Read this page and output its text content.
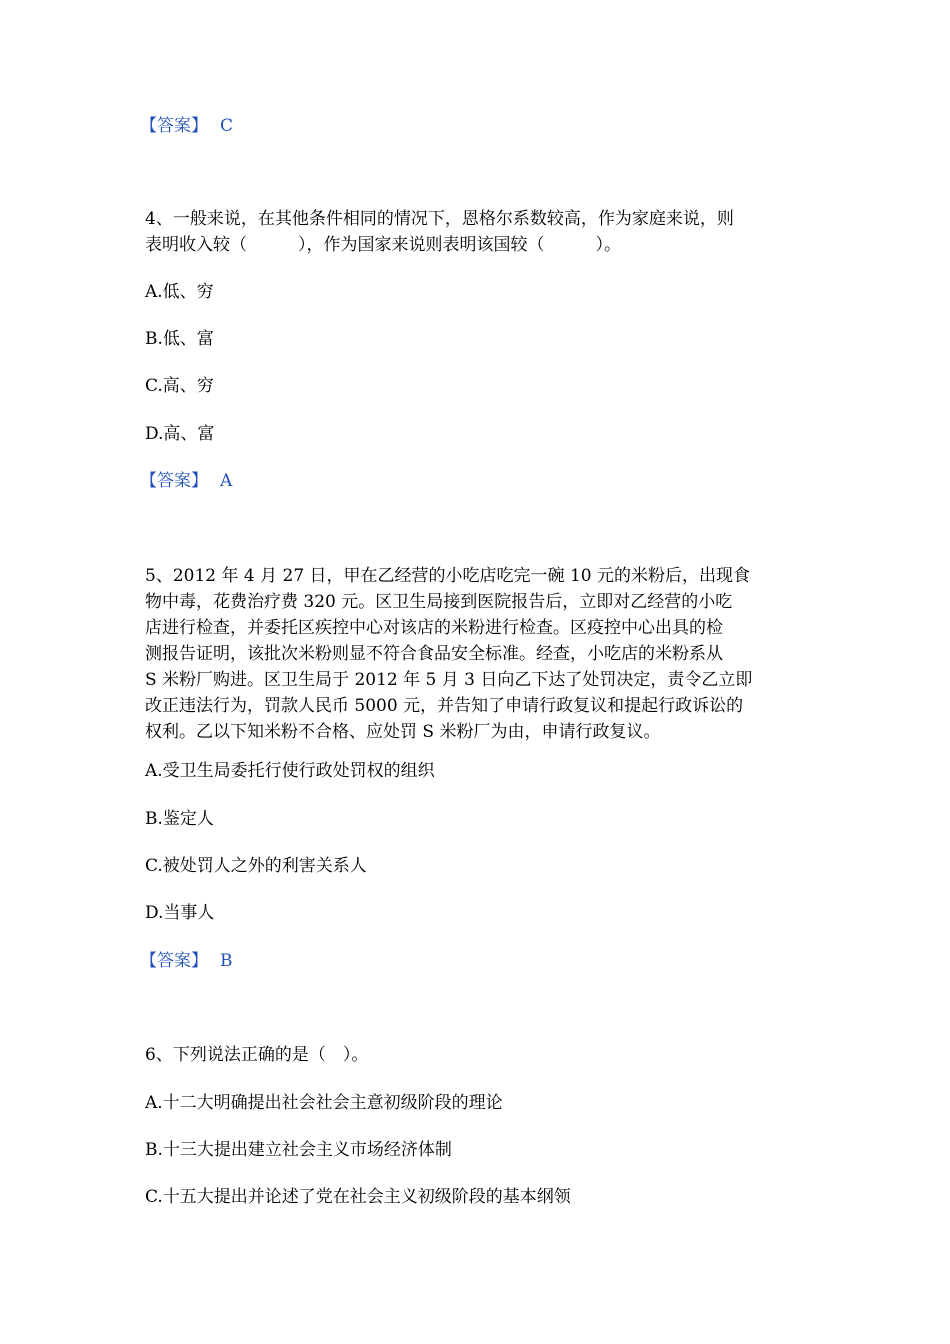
【答案】 C
4、一般来说，在其他条件相同的情况下，恩格尔系数较高，作为家庭来说，则
表明收入较（　　　），作为国家来说则表明该国较（　　　）。
A.低、穷
B.低、富
C.高、穷
D.高、富
【答案】 A
5、2012 年 4 月 27 日，甲在乙经营的小吃店吃完一碗 10 元的米粉后，出现食
物中毒，花费治疗费 320 元。区卫生局接到医院报告后，立即对乙经营的小吃
店进行检查，并委托区疾控中心对该店的米粉进行检查。区疫控中心出具的检
测报告证明，该批次米粉则显不符合食品安全标准。经查，小吃店的米粉系从
S 米粉厂购进。区卫生局于 2012 年 5 月 3 日向乙下达了处罚决定，责令乙立即
改正违法行为，罚款人民币 5000 元，并告知了申请行政复议和提起行政诉讼的
权利。乙以下知米粉不合格、应处罚 S 米粉厂为由，申请行政复议。
A.受卫生局委托行使行政处罚权的组织
B.鉴定人
C.被处罚人之外的利害关系人
D.当事人
【答案】 B
6、下列说法正确的是（　）。
A.十二大明确提出社会社会主意初级阶段的理论
B.十三大提出建立社会主义市场经济体制
C.十五大提出并论述了党在社会主义初级阶段的基本纲领
